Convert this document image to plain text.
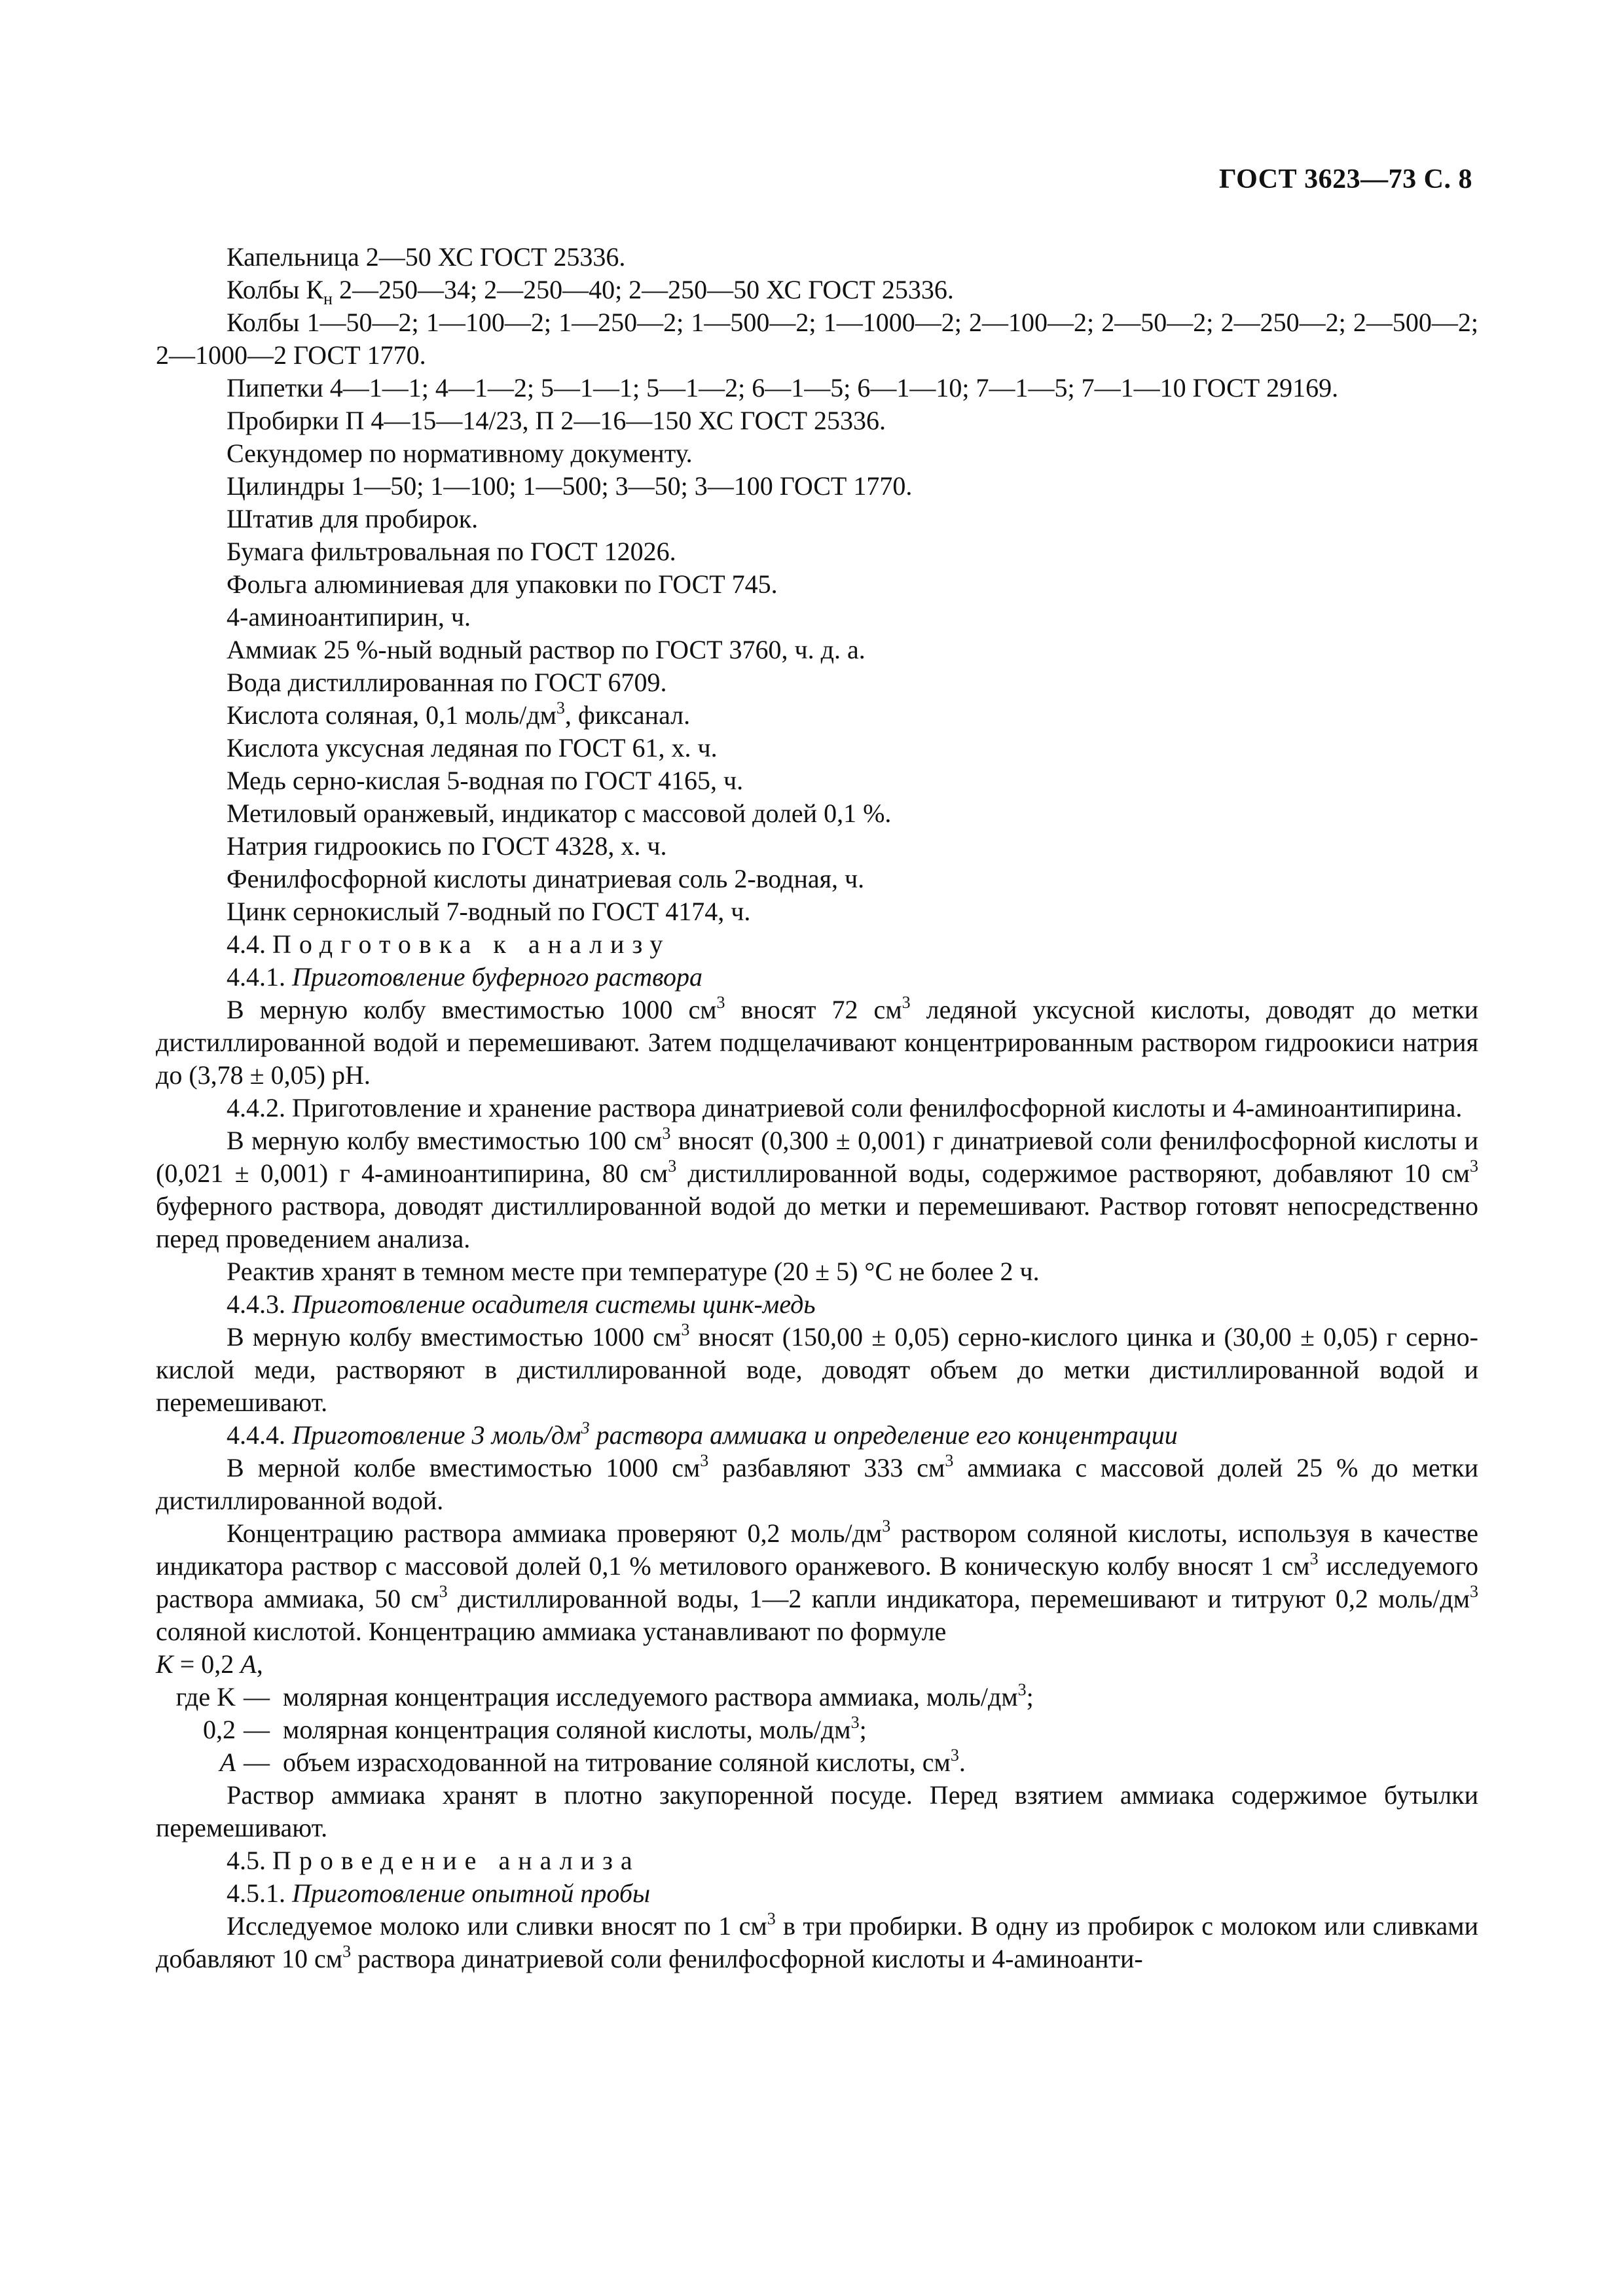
ГОСТ 3623—73 С. 8

Капельница 2—50 ХС ГОСТ 25336.

Колбы $К_н$ 2—250—34; 2—250—40; 2—250—50 ХС ГОСТ 25336.

Колбы 1—50—2; 1—100—2; 1—250—2; 1—500—2; 1—1000—2; 2—100—2; 2—50—2; 2—250—2; 2—500—2; 2—1000—2 ГОСТ 1770.

Пипетки 4—1—1; 4—1—2; 5—1—1; 5—1—2; 6—1—5; 6—1—10; 7—1—5; 7—1—10 ГОСТ 29169.

Пробирки П 4—15—14/23, П 2—16—150 ХС ГОСТ 25336.

Секундомер по нормативному документу.

Цилиндры 1—50; 1—100; 1—500; 3—50; 3—100 ГОСТ 1770.

Штатив для пробирок.

Бумага фильтровальная по ГОСТ 12026.

Фольга алюминиевая для упаковки по ГОСТ 745.

4-аминоантипирин, ч.

Аммиак 25 %-ный водный раствор по ГОСТ 3760, ч. д. а.

Вода дистиллированная по ГОСТ 6709.

Кислота соляная, 0,1 моль/$дм^3$, фиксанал.

Кислота уксусная ледяная по ГОСТ 61, х. ч.

Медь серно-кислая 5-водная по ГОСТ 4165, ч.

Метиловый оранжевый, индикатор с массовой долей 0,1 %.

Натрия гидроокись по ГОСТ 4328, х. ч.

Фенилфосфорной кислоты динатриевая соль 2-водная, ч.

Цинк сернокислый 7-водный по ГОСТ 4174, ч.

4.4. Подготовка к анализу

4.4.1. Приготовление буферного раствора

В мерную колбу вместимостью 1000 $см^3$ вносят 72 $см^3$ ледяной уксусной кислоты, доводят до метки дистиллированной водой и перемешивают. Затем подщелачивают концентрированным раствором гидроокиси натрия до (3,78 ± 0,05) рН.

4.4.2. Приготовление и хранение раствора динатриевой соли фенилфосфорной кислоты и 4-аминоантипирина.

В мерную колбу вместимостью 100 $см^3$ вносят (0,300 ± 0,001) г динатриевой соли фенилфосфорной кислоты и (0,021 ± 0,001) г 4-аминоантипирина, 80 $см^3$ дистиллированной воды, содержимое растворяют, добавляют 10 $см^3$ буферного раствора, доводят дистиллированной водой до метки и перемешивают. Раствор готовят непосредственно перед проведением анализа.

Реактив хранят в темном месте при температуре (20 ± 5) °С не более 2 ч.

4.4.3. Приготовление осадителя системы цинк-медь

В мерную колбу вместимостью 1000 $см^3$ вносят (150,00 ± 0,05) серно-кислого цинка и (30,00 ± 0,05) г серно-кислой меди, растворяют в дистиллированной воде, доводят объем до метки дистиллированной водой и перемешивают.

4.4.4. Приготовление 3 моль/$дм^3$ раствора аммиака и определение его концентрации

В мерной колбе вместимостью 1000 $см^3$ разбавляют 333 $см^3$ аммиака с массовой долей 25 % до метки дистиллированной водой.

Концентрацию раствора аммиака проверяют 0,2 моль/$дм^3$ раствором соляной кислоты, используя в качестве индикатора раствор с массовой долей 0,1 % метилового оранжевого. В коническую колбу вносят 1 $см^3$ исследуемого раствора аммиака, 50 $см^3$ дистиллированной воды, 1—2 капли индикатора, перемешивают и титруют 0,2 моль/$дм^3$ соляной кислотой. Концентрацию аммиака устанавливают по формуле

K = 0,2 A,

где K — молярная концентрация исследуемого раствора аммиака, моль/$дм^3$;
0,2 — молярная концентрация соляной кислоты, моль/$дм^3$;
A — объем израсходованной на титрование соляной кислоты, $см^3$.

Раствор аммиака хранят в плотно закупоренной посуде. Перед взятием аммиака содержимое бутылки перемешивают.

4.5. Проведение анализа

4.5.1. Приготовление опытной пробы

Исследуемое молоко или сливки вносят по 1 $см^3$ в три пробирки. В одну из пробирок с молоком или сливками добавляют 10 $см^3$ раствора динатриевой соли фенилфосфорной кислоты и 4-аминоанти-
